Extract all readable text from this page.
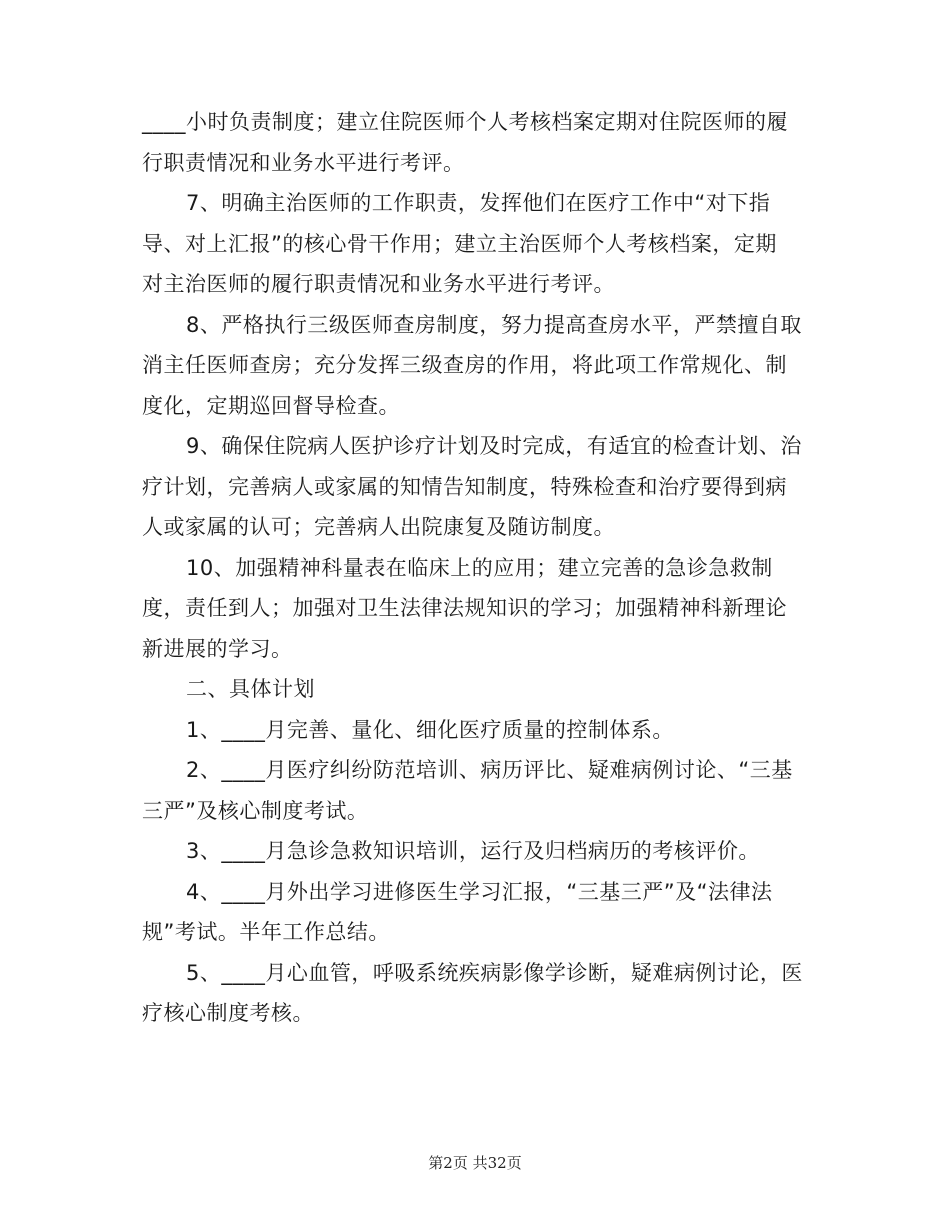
____小时负责制度；建立住院医师个人考核档案定期对住院医师的履
行职责情况和业务水平进行考评。
7、明确主治医师的工作职责，发挥他们在医疗工作中“对下指
导、对上汇报”的核心骨干作用；建立主治医师个人考核档案，定期
对主治医师的履行职责情况和业务水平进行考评。
8、严格执行三级医师查房制度，努力提高查房水平，严禁擅自取
消主任医师查房；充分发挥三级查房的作用，将此项工作常规化、制
度化，定期巡回督导检查。
9、确保住院病人医护诊疗计划及时完成，有适宜的检查计划、治
疗计划，完善病人或家属的知情告知制度，特殊检查和治疗要得到病
人或家属的认可；完善病人出院康复及随访制度。
10、加强精神科量表在临床上的应用；建立完善的急诊急救制
度，责任到人；加强对卫生法律法规知识的学习；加强精神科新理论
新进展的学习。
二、具体计划
1、____月完善、量化、细化医疗质量的控制体系。
2、____月医疗纠纷防范培训、病历评比、疑难病例讨论、“三基
三严”及核心制度考试。
3、____月急诊急救知识培训，运行及归档病历的考核评价。
4、____月外出学习进修医生学习汇报，“三基三严”及“法律法
规”考试。半年工作总结。
5、____月心血管，呼吸系统疾病影像学诊断，疑难病例讨论，医
疗核心制度考核。
第2页 共32页
